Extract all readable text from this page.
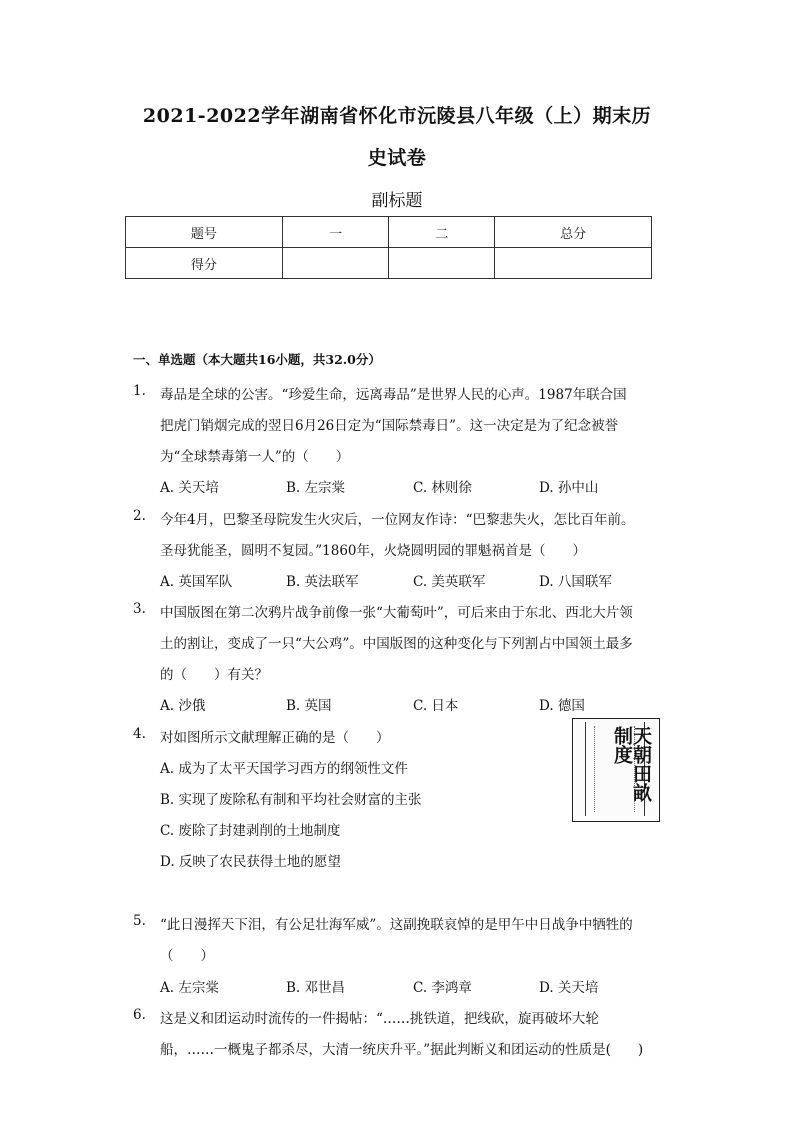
2021-2022学年湖南省怀化市沅陵县八年级（上）期末历
史试卷
副标题
题号	一	二	总分
得分			
一、单选题（本大题共16小题，共32.0分）
1. 毒品是全球的公害。“珍爱生命，远离毒品”是世界人民的心声。1987年联合国
把虎门销烟完成的翌日6月26日定为“国际禁毒日”。这一决定是为了纪念被誉
为“全球禁毒第一人”的（　　）
A. 关天培	B. 左宗棠	C. 林则徐	D. 孙中山
2. 今年4月，巴黎圣母院发生火灾后，一位网友作诗：“巴黎悲失火，怎比百年前。
圣母犹能圣，圆明不复园。”1860年，火烧圆明园的罪魁祸首是（　　）
A. 英国军队	B. 英法联军	C. 美英联军	D. 八国联军
3. 中国版图在第二次鸦片战争前像一张“大葡萄叶”，可后来由于东北、西北大片领
土的割让，变成了一只“大公鸡”。中国版图的这种变化与下列割占中国领土最多
的（　　）有关？
A. 沙俄	B. 英国	C. 日本	D. 德国
4. 对如图所示文献理解正确的是（　　）
A. 成为了太平天国学习西方的纲领性文件
B. 实现了废除私有制和平均社会财富的主张
C. 废除了封建剥削的土地制度
D. 反映了农民获得土地的愿望
天朝田畝制度
5. “此日漫挥天下泪，有公足壮海军威”。这副挽联哀悼的是甲午中日战争中牺牲的
（　　）
A. 左宗棠	B. 邓世昌	C. 李鸿章	D. 关天培
6. 这是义和团运动时流传的一件揭帖：“……挑铁道，把线砍，旋再破坏大轮
船，……一概鬼子都杀尽，大清一统庆升平。”据此判断义和团运动的性质是(　　)
